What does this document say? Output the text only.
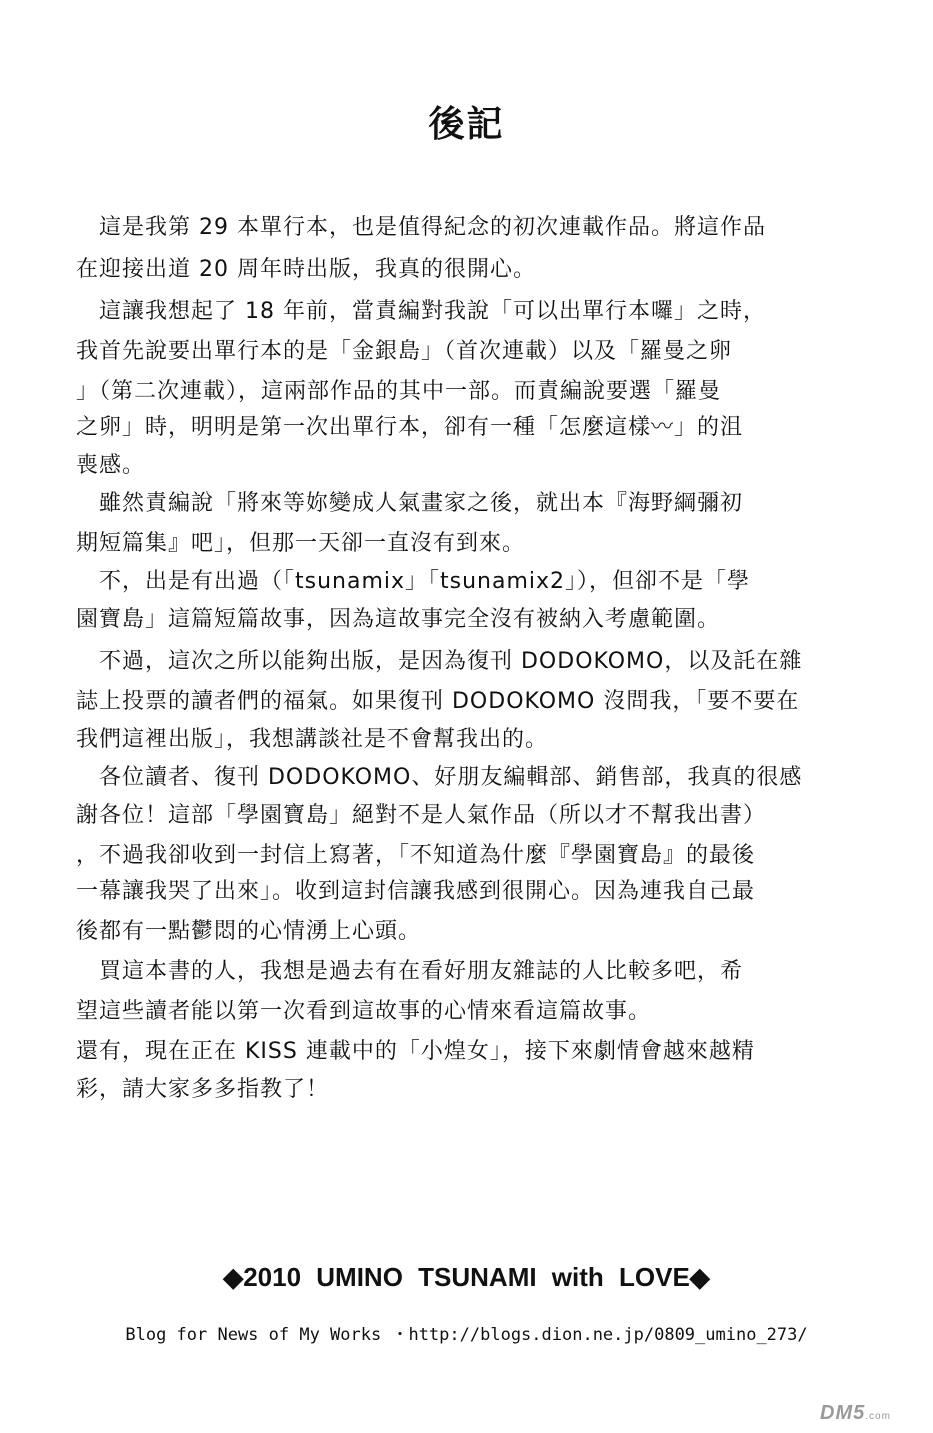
後記
　這是我第 29 本單行本，也是值得紀念的初次連載作品。將這作品
在迎接出道 20 周年時出版，我真的很開心。
　這讓我想起了 18 年前，當責編對我說「可以出單行本囉」之時，
我首先說要出單行本的是「金銀島」（首次連載）以及「羅曼之卵
」（第二次連載），這兩部作品的其中一部。而責編說要選「羅曼
之卵」時，明明是第一次出單行本，卻有一種「怎麼這樣〰」的沮
喪感。
　雖然責編說「將來等妳變成人氣畫家之後，就出本『海野綱彌初
期短篇集』吧」，但那一天卻一直沒有到來。
　不，出是有出過（「tsunamix」「tsunamix2」），但卻不是「學
園寶島」這篇短篇故事，因為這故事完全沒有被納入考慮範圍。
　不過，這次之所以能夠出版，是因為復刊 DODOKOMO，以及託在雜
誌上投票的讀者們的福氣。如果復刊 DODOKOMO 沒問我，「要不要在
我們這裡出版」，我想講談社是不會幫我出的。
　各位讀者、復刊 DODOKOMO、好朋友編輯部、銷售部，我真的很感
謝各位！這部「學園寶島」絕對不是人氣作品（所以才不幫我出書）
，不過我卻收到一封信上寫著，「不知道為什麼『學園寶島』的最後
一幕讓我哭了出來」。收到這封信讓我感到很開心。因為連我自己最
後都有一點鬱悶的心情湧上心頭。
　買這本書的人，我想是過去有在看好朋友雜誌的人比較多吧，希
望這些讀者能以第一次看到這故事的心情來看這篇故事。
還有，現在正在 KISS 連載中的「小煌女」，接下來劇情會越來越精
彩，請大家多多指教了！
◆2010 UMINO TSUNAMI with LOVE◆
Blog for News of My Works ・http://blogs.dion.ne.jp/0809_umino_273/
DM5.com
